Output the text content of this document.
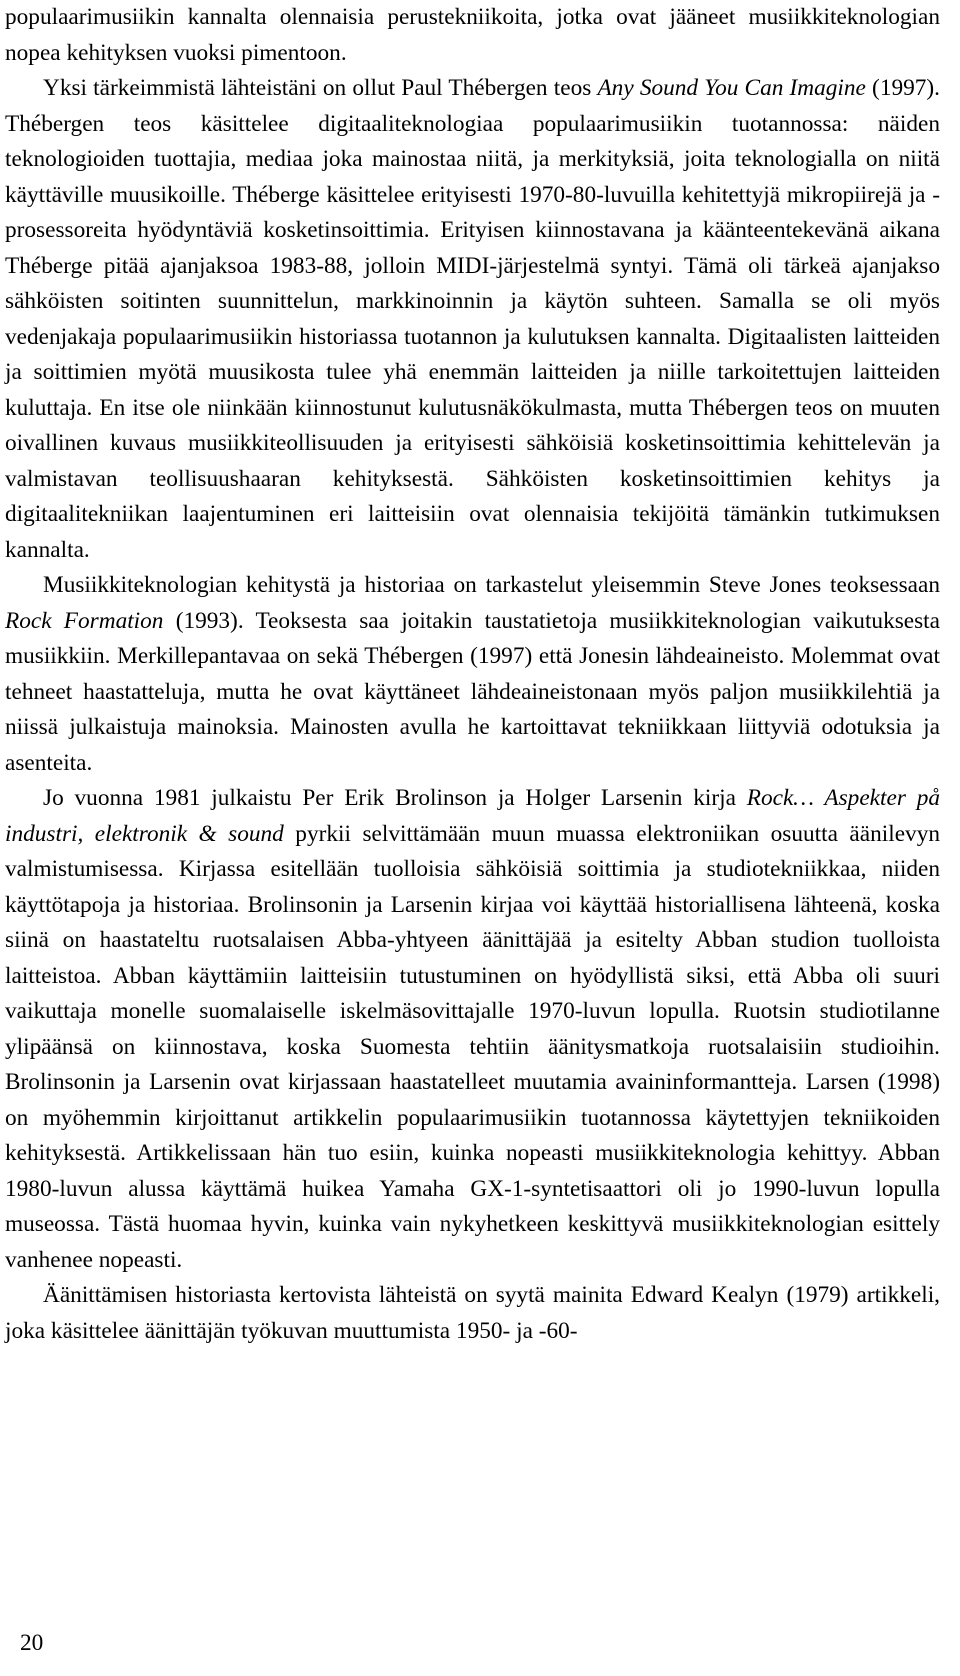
populaarimusiikin kannalta olennaisia perustekniikoita, jotka ovat jääneet musiikkiteknologian nopea kehityksen vuoksi pimentoon.

Yksi tärkeimmistä lähteistäni on ollut Paul Thébergen teos Any Sound You Can Imagine (1997). Thébergen teos käsittelee digitaaliteknologiaa populaarimusiikin tuotannossa: näiden teknologioiden tuottajia, mediaa joka mainostaa niitä, ja merkityksiä, joita teknologialla on niitä käyttäville muusikoille. Théberge käsittelee erityisesti 1970-80-luvuilla kehitettyjä mikropiirejä ja -prosessoreita hyödyntäviä kosketinsoittimia. Erityisen kiinnostavana ja käänteentekevänä aikana Théberge pitää ajanjaksoa 1983-88, jolloin MIDI-järjestelmä syntyi. Tämä oli tärkeä ajanjakso sähköisten soitinten suunnittelun, markkinoinnin ja käytön suhteen. Samalla se oli myös vedenjakaja populaarimusiikin historiassa tuotannon ja kulutuksen kannalta. Digitaalisten laitteiden ja soittimien myötä muusikosta tulee yhä enemmän laitteiden ja niille tarkoitettujen laitteiden kuluttaja. En itse ole niinkään kiinnostunut kulutusnäkökulmasta, mutta Thébergen teos on muuten oivallinen kuvaus musiikkiteollisuuden ja erityisesti sähköisiä kosketinsoittimia kehittelevän ja valmistavan teollisuushaaran kehityksestä. Sähköisten kosketinsoittimien kehitys ja digitaalitekniikan laajentuminen eri laitteisiin ovat olennaisia tekijöitä tämänkin tutkimuksen kannalta.

Musiikkiteknologian kehitystä ja historiaa on tarkastelut yleisemmin Steve Jones teoksessaan Rock Formation (1993). Teoksesta saa joitakin taustatietoja musiikkiteknologian vaikutuksesta musiikkiin. Merkillepantavaa on sekä Thébergen (1997) että Jonesin lähdeaineisto. Molemmat ovat tehneet haastatteluja, mutta he ovat käyttäneet lähdeaineistonaan myös paljon musiikkilehtiä ja niissä julkaistuja mainoksia. Mainosten avulla he kartoittavat tekniikkaan liittyviä odotuksia ja asenteita.

Jo vuonna 1981 julkaistu Per Erik Brolinson ja Holger Larsenin kirja Rock… Aspekter på industri, elektronik & sound pyrkii selvittämään muun muassa elektroniikan osuutta äänilevyn valmistumisessa. Kirjassa esitellään tuolloisia sähköisiä soittimia ja studiotekniikkaa, niiden käyttötapoja ja historiaa. Brolinsonin ja Larsenin kirjaa voi käyttää historiallisena lähteenä, koska siinä on haastateltu ruotsalaisen Abba-yhtyeen äänittäjää ja esitelty Abban studion tuolloista laitteistoa. Abban käyttämiin laitteisiin tutustuminen on hyödyllistä siksi, että Abba oli suuri vaikuttaja monelle suomalaiselle iskelmäsovittajalle 1970-luvun lopulla. Ruotsin studiotilanne ylipäänsä on kiinnostava, koska Suomesta tehtiin äänitysmatkoja ruotsalaisiin studioihin. Brolinsonin ja Larsenin ovat kirjassaan haastatelleet muutamia avaininformantteja. Larsen (1998) on myöhemmin kirjoittanut artikkelin populaarimusiikin tuotannossa käytettyjen tekniikoiden kehityksestä. Artikkelissaan hän tuo esiin, kuinka nopeasti musiikkiteknologia kehittyy. Abban 1980-luvun alussa käyttämä huikea Yamaha GX-1-syntetisaattori oli jo 1990-luvun lopulla museossa. Tästä huomaa hyvin, kuinka vain nykyhetkeen keskittyvä musiikkiteknologian esittely vanhenee nopeasti.

Äänittämisen historiasta kertovista lähteistä on syytä mainita Edward Kealyn (1979) artikkeli, joka käsittelee äänittäjän työkuvan muuttumista 1950- ja -60-

20
